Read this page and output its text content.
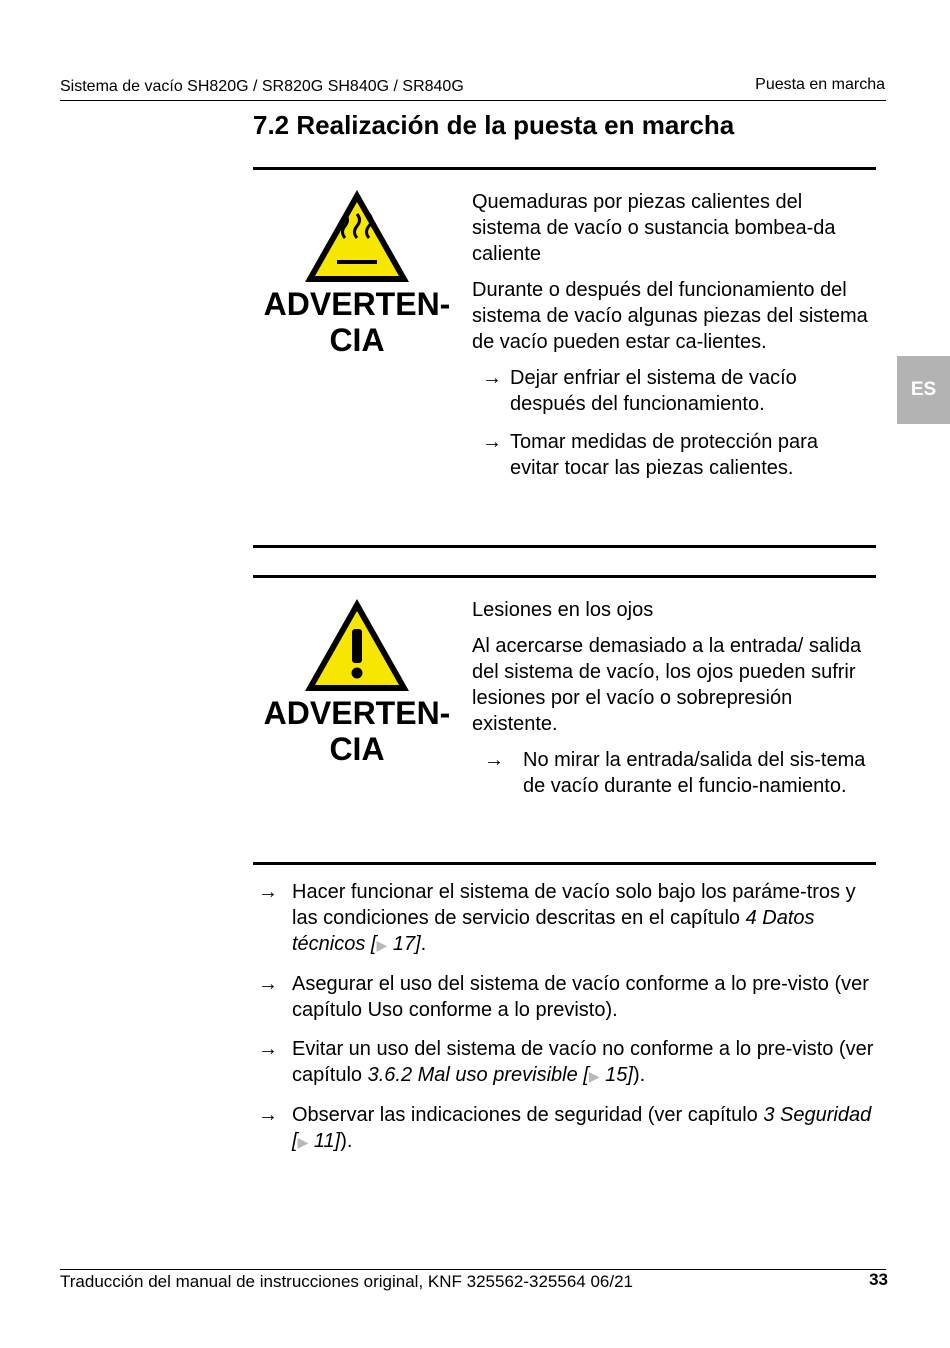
Sistema de vacío SH820G / SR820G SH840G / SR840G	Puesta en marcha
7.2 Realización de la puesta en marcha
ES
ADVERTEN-
CIA

Quemaduras por piezas calientes del sistema de vacío o sustancia bombea-da caliente

Durante o después del funcionamiento del sistema de vacío algunas piezas del sistema de vacío pueden estar ca-lientes.

→ Dejar enfriar el sistema de vacío después del funcionamiento.
→ Tomar medidas de protección para evitar tocar las piezas calientes.
ADVERTEN-
CIA

Lesiones en los ojos

Al acercarse demasiado a la entrada/ salida del sistema de vacío, los ojos pueden sufrir lesiones por el vacío o sobrepresión existente.

→ No mirar la entrada/salida del sis-tema de vacío durante el funcio-namiento.
→ Hacer funcionar el sistema de vacío solo bajo los paráme-tros y las condiciones de servicio descritas en el capítulo 4 Datos técnicos [▶ 17].
→ Asegurar el uso del sistema de vacío conforme a lo pre-visto (ver capítulo Uso conforme a lo previsto).
→ Evitar un uso del sistema de vacío no conforme a lo pre-visto (ver capítulo 3.6.2 Mal uso previsible [▶ 15]).
→ Observar las indicaciones de seguridad (ver capítulo 3 Seguridad [▶ 11]).
Traducción del manual de instrucciones original, KNF 325562-325564 06/21	33
